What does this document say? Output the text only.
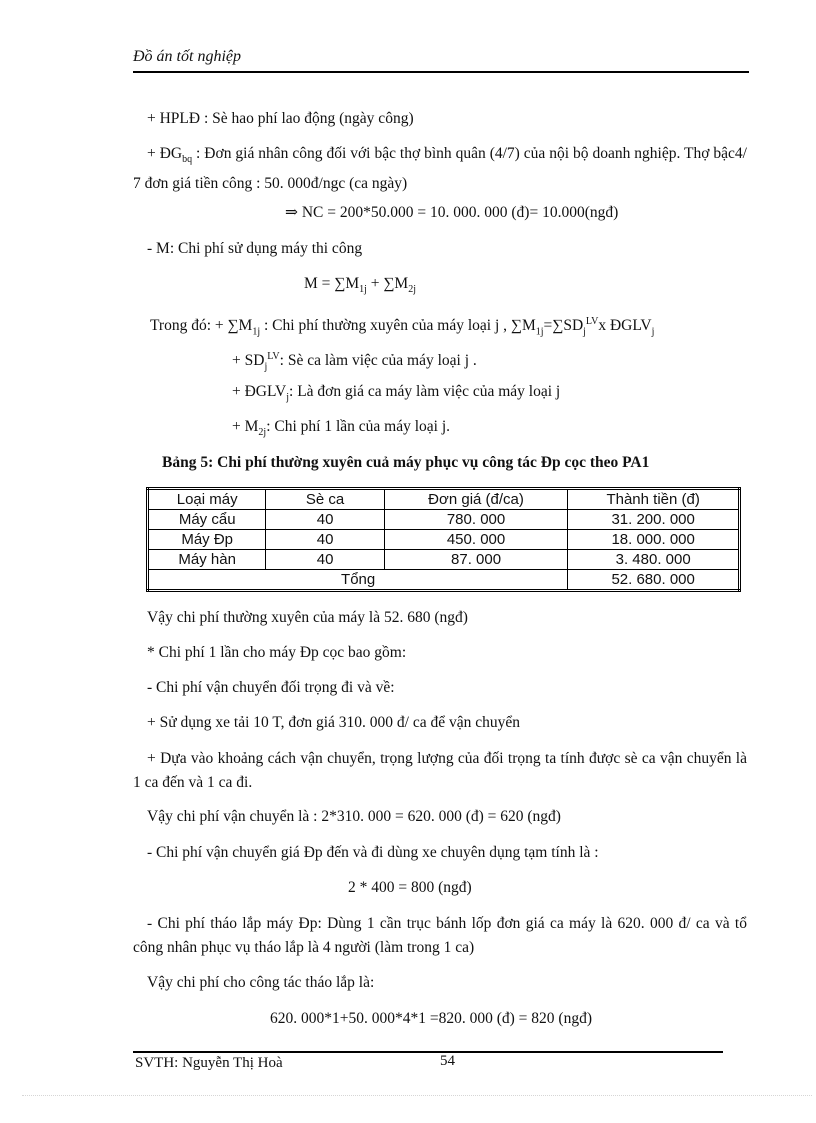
Đồ án tốt nghiệp
+ HPLĐ : Sè hao phí lao động (ngày công)
+ $ĐG_{bq}$ : Đơn giá nhân công đối với bậc thợ bình quân (4/7) của nội bộ doanh nghiệp. Thợ bậc4/ 7 đơn giá tiền công : 50. 000đ/ngc (ca ngày)
⇒ NC = 200*50.000 = 10. 000. 000 (đ)= 10.000(ngđ)
- M: Chi phí sử dụng máy thi công
$M = \sum M_{1j} + \sum M_{2j}$
Trong đó: + $\sum M_{1j}$ : Chi phí thường xuyên của máy loại j , $\sum M_{1j}=\sum SD_j^{LV}x$ $ĐGLV_j$
+ $SD_j^{LV}$: Sè ca làm việc của máy loại j .
+ $ĐGLV_j$: Là đơn giá ca máy làm việc của máy loại j
+ $M_{2j}$: Chi phí 1 lần của máy loại j.
Bảng 5: Chi phí thường xuyên cuả máy phục vụ công tác Đp cọc theo PA1
Loại máy	Sè ca	Đơn giá (đ/ca)	Thành tiền (đ)
Máy cẩu	40	780. 000	31. 200. 000
Máy Đp	40	450. 000	18. 000. 000
Máy hàn	40	87. 000	3. 480. 000
Tổng			52. 680. 000
Vậy chi phí thường xuyên của máy là 52. 680 (ngđ)
* Chi phí 1 lần cho máy Đp cọc bao gồm:
- Chi phí vận chuyển đối trọng đi và về:
+ Sử dụng xe tải 10 T, đơn giá 310. 000 đ/ ca để vận chuyển
+ Dựa vào khoảng cách vận chuyển, trọng lượng của đối trọng ta tính được sè ca vận chuyển là 1 ca đến và 1 ca đi.
Vậy chi phí vận chuyển là : 2*310. 000 = 620. 000 (đ) = 620 (ngđ)
- Chi phí vận chuyển giá Đp đến và đi dùng xe chuyên dụng tạm tính là :
2 * 400 = 800 (ngđ)
- Chi phí tháo lắp máy Đp: Dùng 1 cần trục bánh lốp đơn giá ca máy là 620. 000 đ/ ca và tổ công nhân phục vụ tháo lắp là 4 người (làm trong 1 ca)
Vậy chi phí cho công tác tháo lắp là:
620. 000*1+50. 000*4*1 =820. 000 (đ) = 820 (ngđ)
SVTH: Nguyễn Thị Hoà	54
